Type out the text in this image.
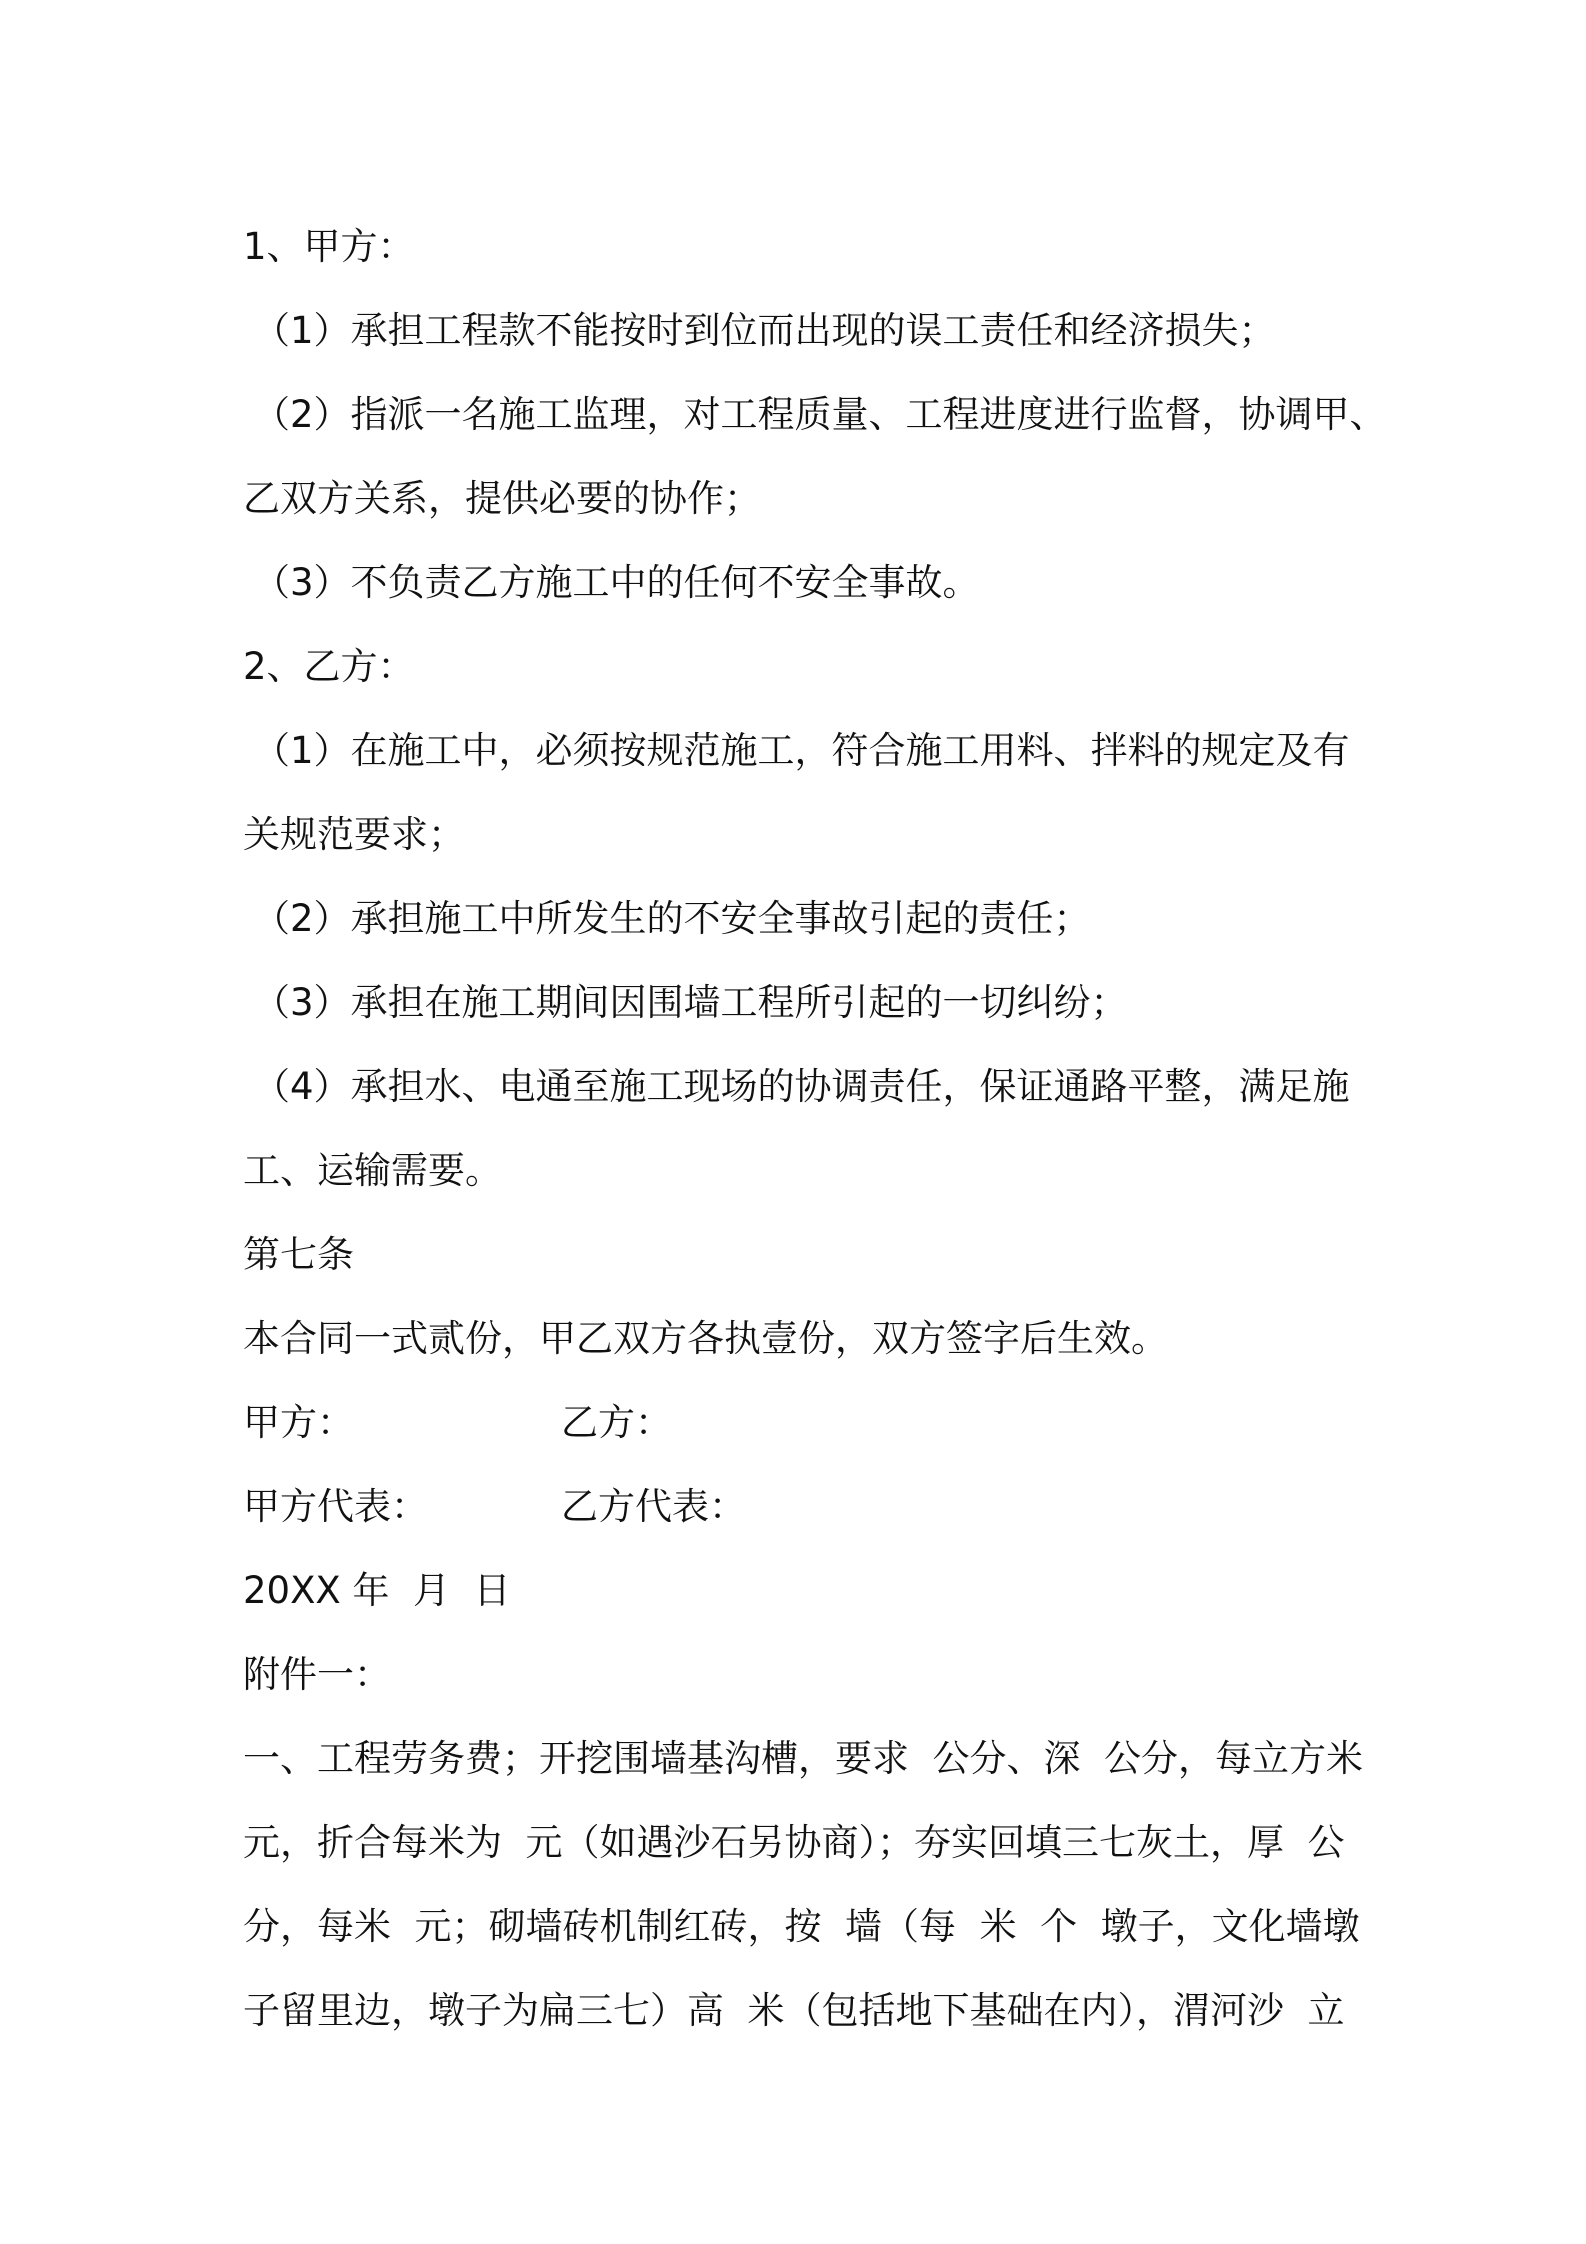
1、甲方：
（1）承担工程款不能按时到位而出现的误工责任和经济损失；
（2）指派一名施工监理，对工程质量、工程进度进行监督，协调甲、
乙双方关系，提供必要的协作；
（3）不负责乙方施工中的任何不安全事故。
2、乙方：
（1）在施工中，必须按规范施工，符合施工用料、拌料的规定及有
关规范要求；
（2）承担施工中所发生的不安全事故引起的责任；
（3）承担在施工期间因围墙工程所引起的一切纠纷；
（4）承担水、电通至施工现场的协调责任，保证通路平整，满足施
工、运输需要。
第七条
本合同一式贰份，甲乙双方各执壹份，双方签字后生效。
甲方：	乙方：
甲方代表：	乙方代表：
20XX 年  月  日
附件一：
一、工程劳务费；开挖围墙基沟槽，要求  公分、深  公分，每立方米
元，折合每米为  元（如遇沙石另协商）；夯实回填三七灰土，厚  公
分，每米  元；砌墙砖机制红砖，按  墙（每  米  个  墩子，文化墙墩
子留里边，墩子为扁三七）高  米（包括地下基础在内），渭河沙  立
